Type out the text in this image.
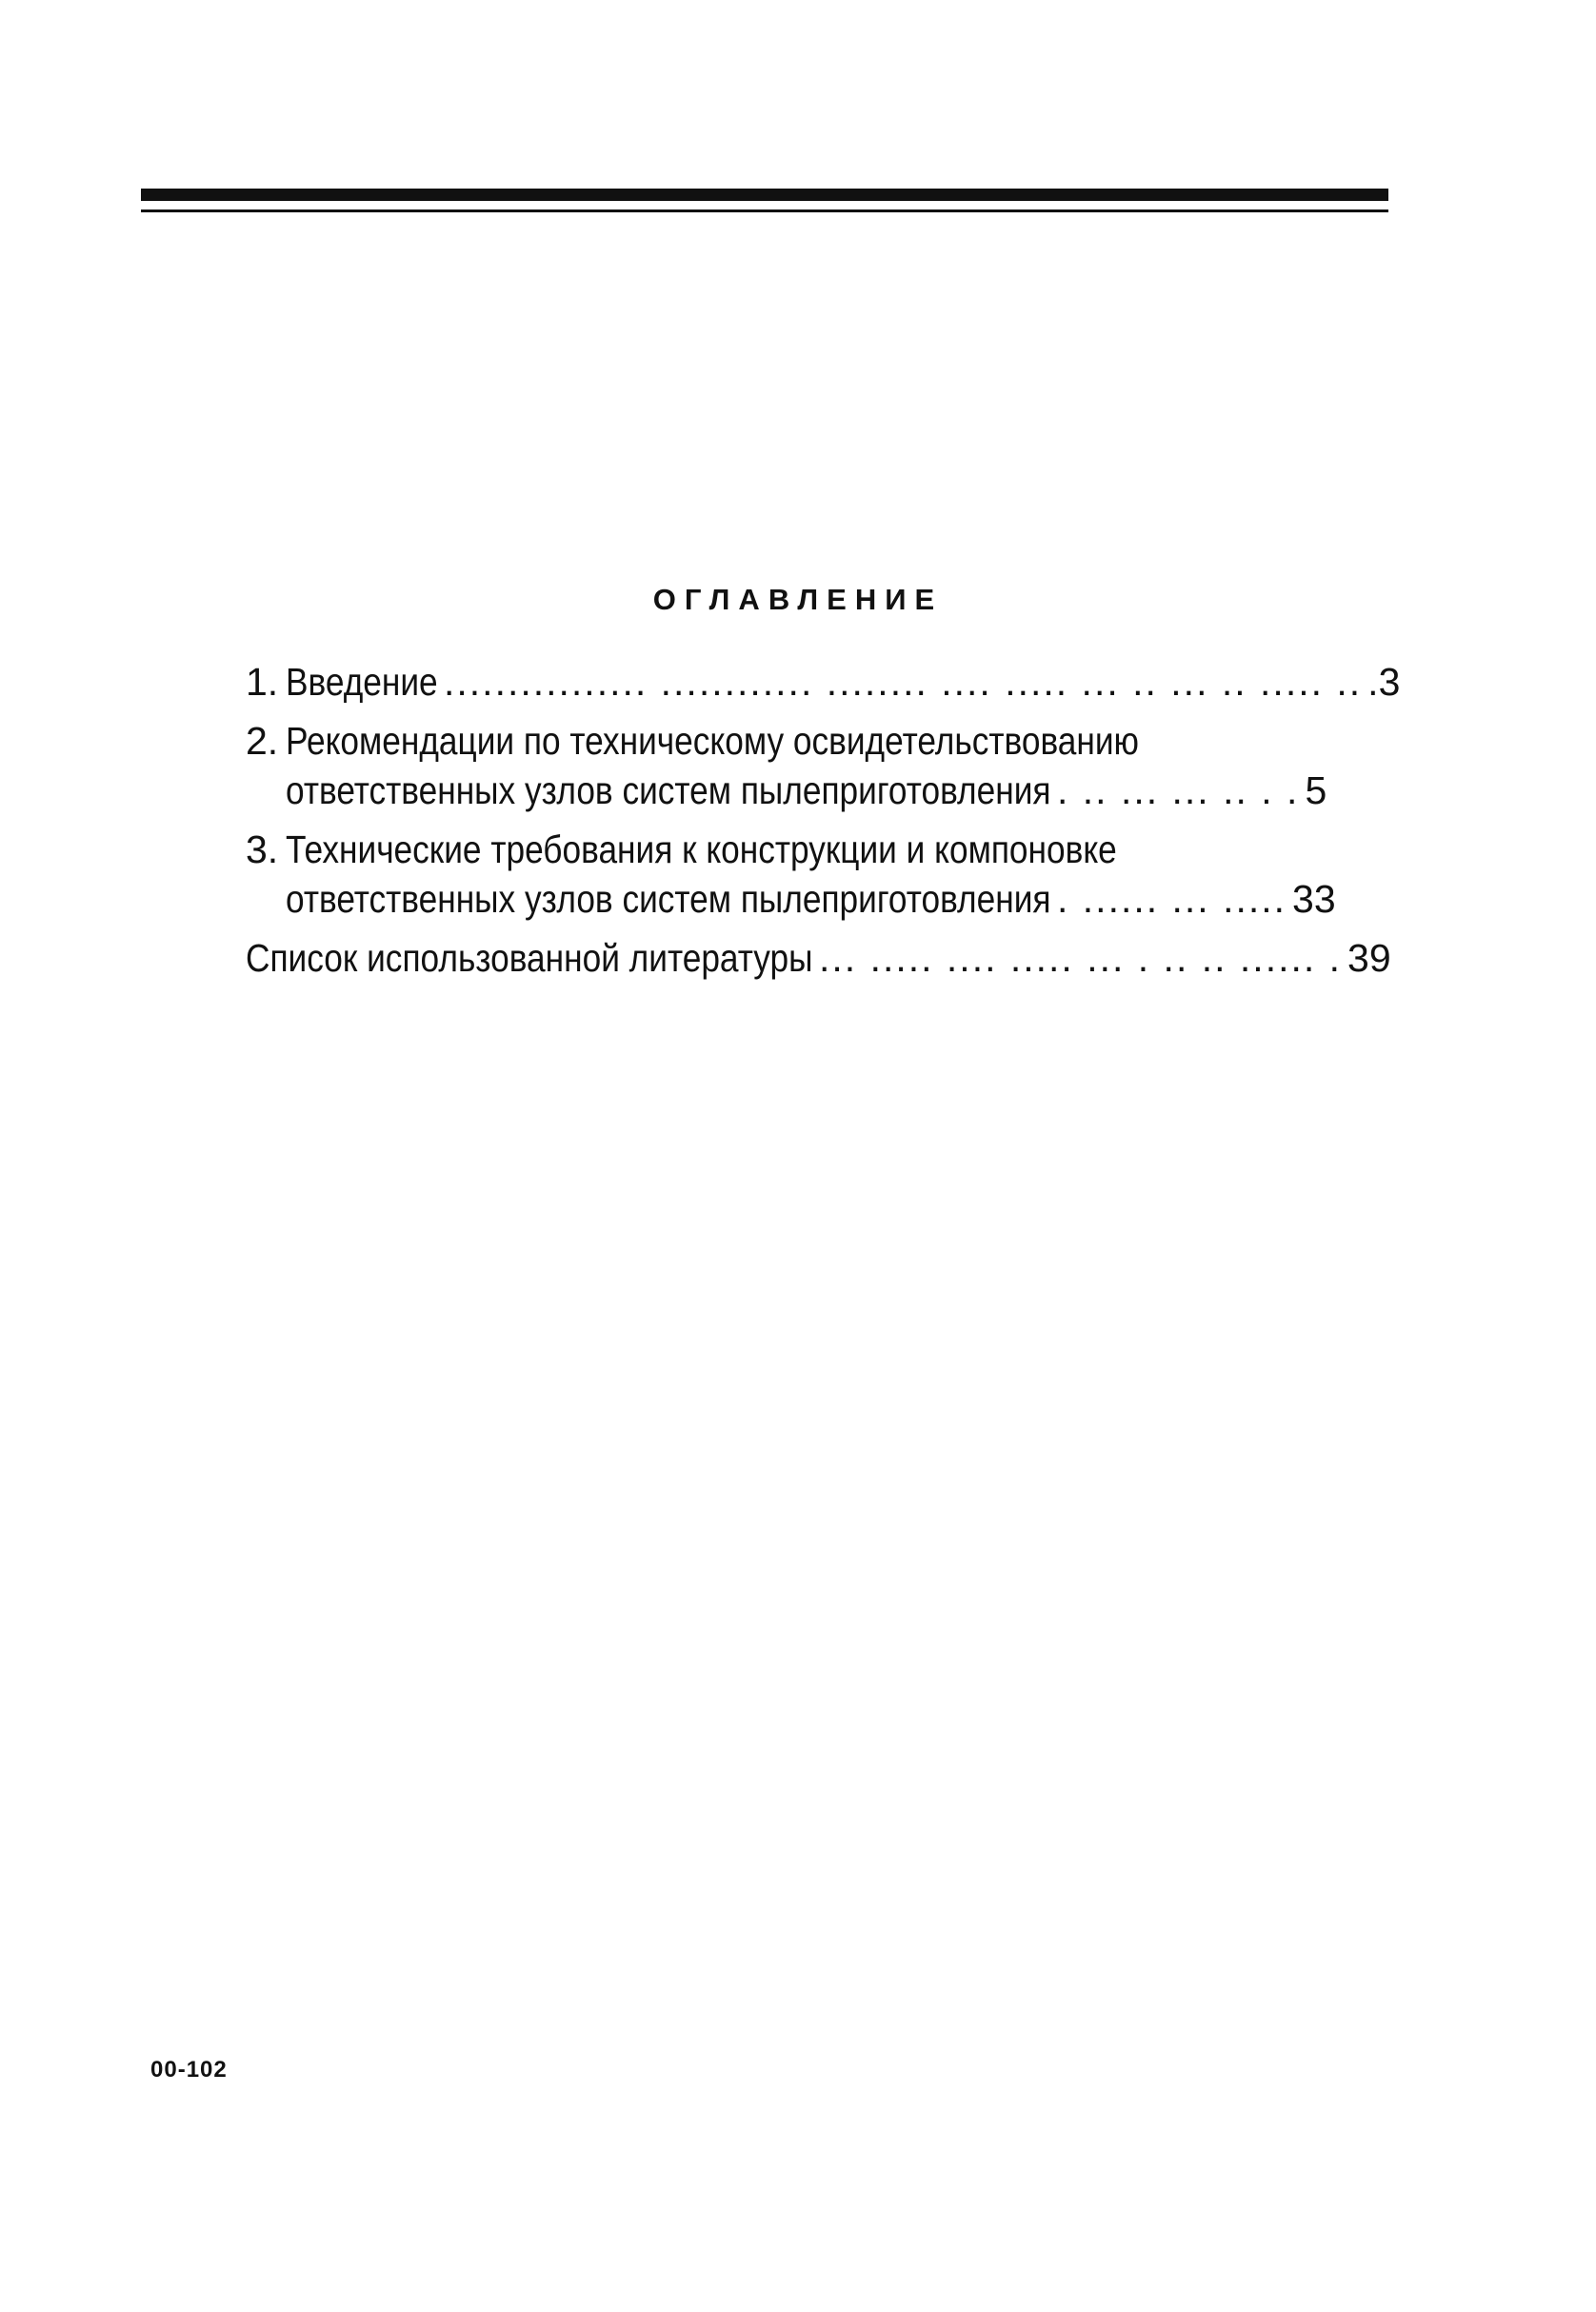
ОГЛАВЛЕНИЕ
1. Введение ................ ............ ........ .... ..... ... .. ... .. ..... .. .3
2. Рекомендации по техническому освидетельствованию
ответственных узлов систем пылеприготовления . .. ... ... .. . . 5
3. Технические требования к конструкции и компоновке
ответственных узлов систем пылеприготовления . ...... ... ..... 33
Список использованной литературы ... ..... .... ..... ... . .. .. ...... . 39
00-102
